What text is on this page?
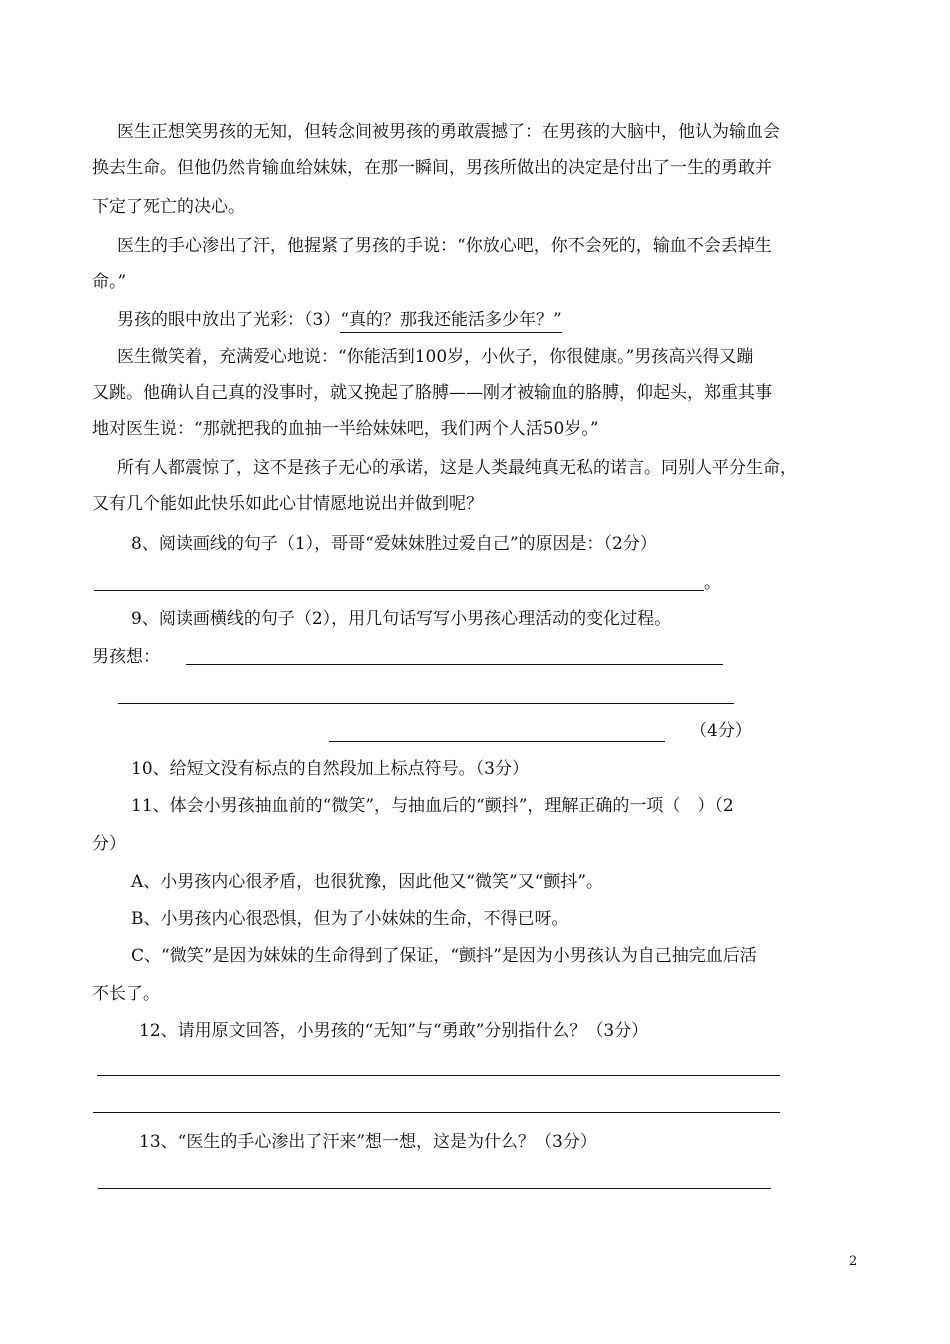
医生正想笑男孩的无知，但转念间被男孩的勇敢震撼了：在男孩的大脑中，他认为输血会

换去生命。但他仍然肯输血给妹妹，在那一瞬间，男孩所做出的决定是付出了一生的勇敢并

下定了死亡的决心。

医生的手心渗出了汗，他握紧了男孩的手说：“你放心吧，你不会死的，输血不会丢掉生

命。”

男孩的眼中放出了光彩：（3）“真的？那我还能活多少年？”

医生微笑着，充满爱心地说：“你能活到100岁，小伙子，你很健康。”男孩高兴得又蹦

又跳。他确认自己真的没事时，就又挽起了胳膊——刚才被输血的胳膊，仰起头，郑重其事

地对医生说：“那就把我的血抽一半给妹妹吧，我们两个人活50岁。”

所有人都震惊了，这不是孩子无心的承诺，这是人类最纯真无私的诺言。同别人平分生命，

又有几个能如此快乐如此心甘情愿地说出并做到呢？

8、阅读画线的句子（1），哥哥“爱妹妹胜过爱自己”的原因是：（2分）

。

9、阅读画横线的句子（2），用几句话写写小男孩心理活动的变化过程。

男孩想：
（4分）

10、给短文没有标点的自然段加上标点符号。（3分）

11、体会小男孩抽血前的“微笑”，与抽血后的“颤抖”，理解正确的一项（　）（2

分）

A、小男孩内心很矛盾，也很犹豫，因此他又“微笑”又“颤抖”。

B、小男孩内心很恐惧，但为了小妹妹的生命，不得已呀。

C、“微笑”是因为妹妹的生命得到了保证，“颤抖”是因为小男孩认为自己抽完血后活

不长了。

12、请用原文回答，小男孩的“无知”与“勇敢”分别指什么？（3分）

13、“医生的手心渗出了汗来”想一想，这是为什么？（3分）

2
